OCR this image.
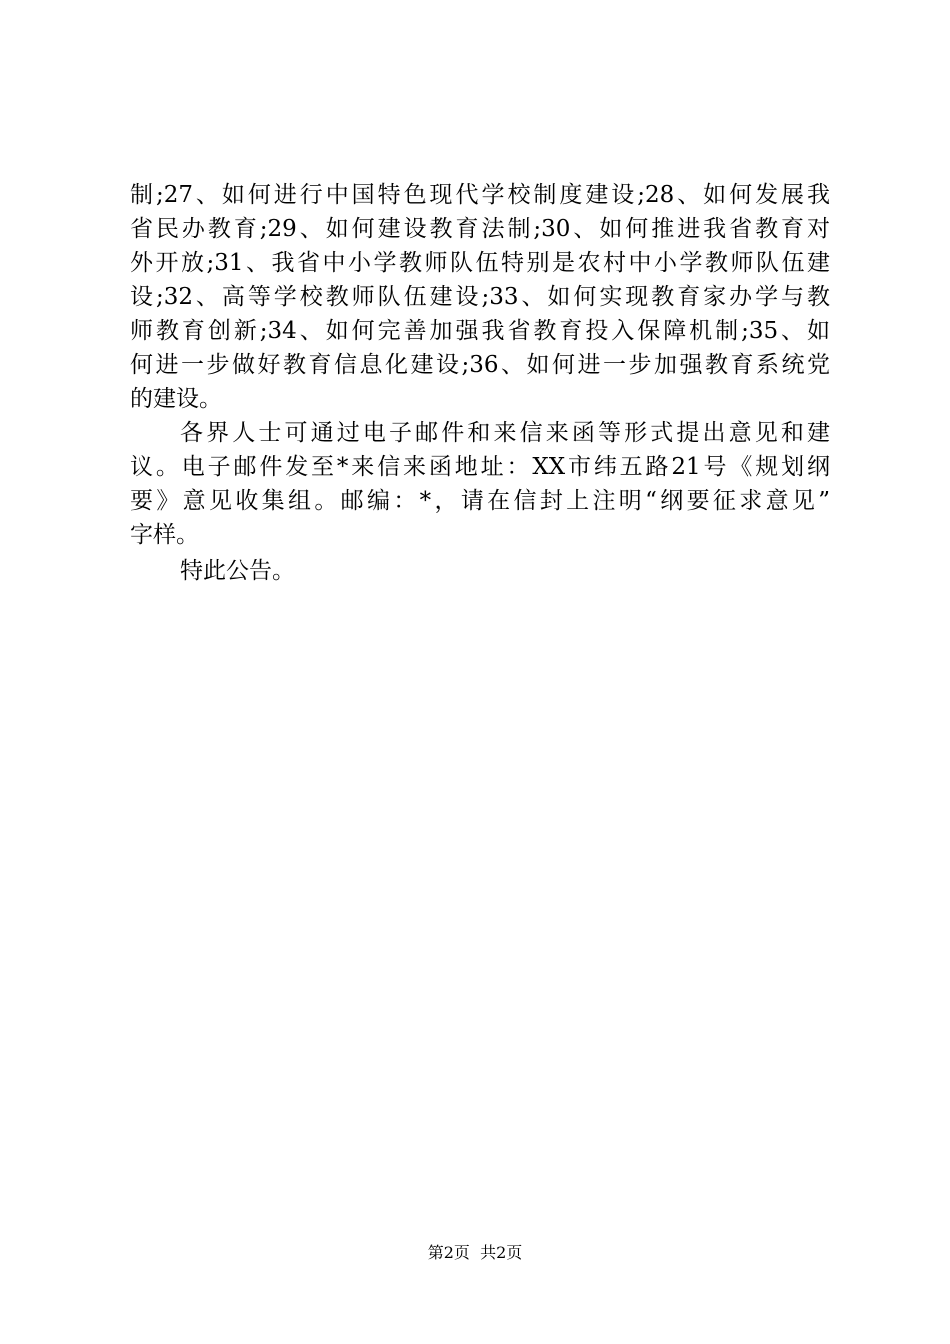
制;27、如何进行中国特色现代学校制度建设;28、如何发展我
省民办教育;29、如何建设教育法制;30、如何推进我省教育对
外开放;31、我省中小学教师队伍特别是农村中小学教师队伍建
设;32、高等学校教师队伍建设;33、如何实现教育家办学与教
师教育创新;34、如何完善加强我省教育投入保障机制;35、如
何进一步做好教育信息化建设;36、如何进一步加强教育系统党
的建设。
各界人士可通过电子邮件和来信来函等形式提出意见和建
议。电子邮件发至*来信来函地址：XX市纬五路21号《规划纲
要》意见收集组。邮编：*，请在信封上注明“纲要征求意见”
字样。
特此公告。
第2页  共2页
